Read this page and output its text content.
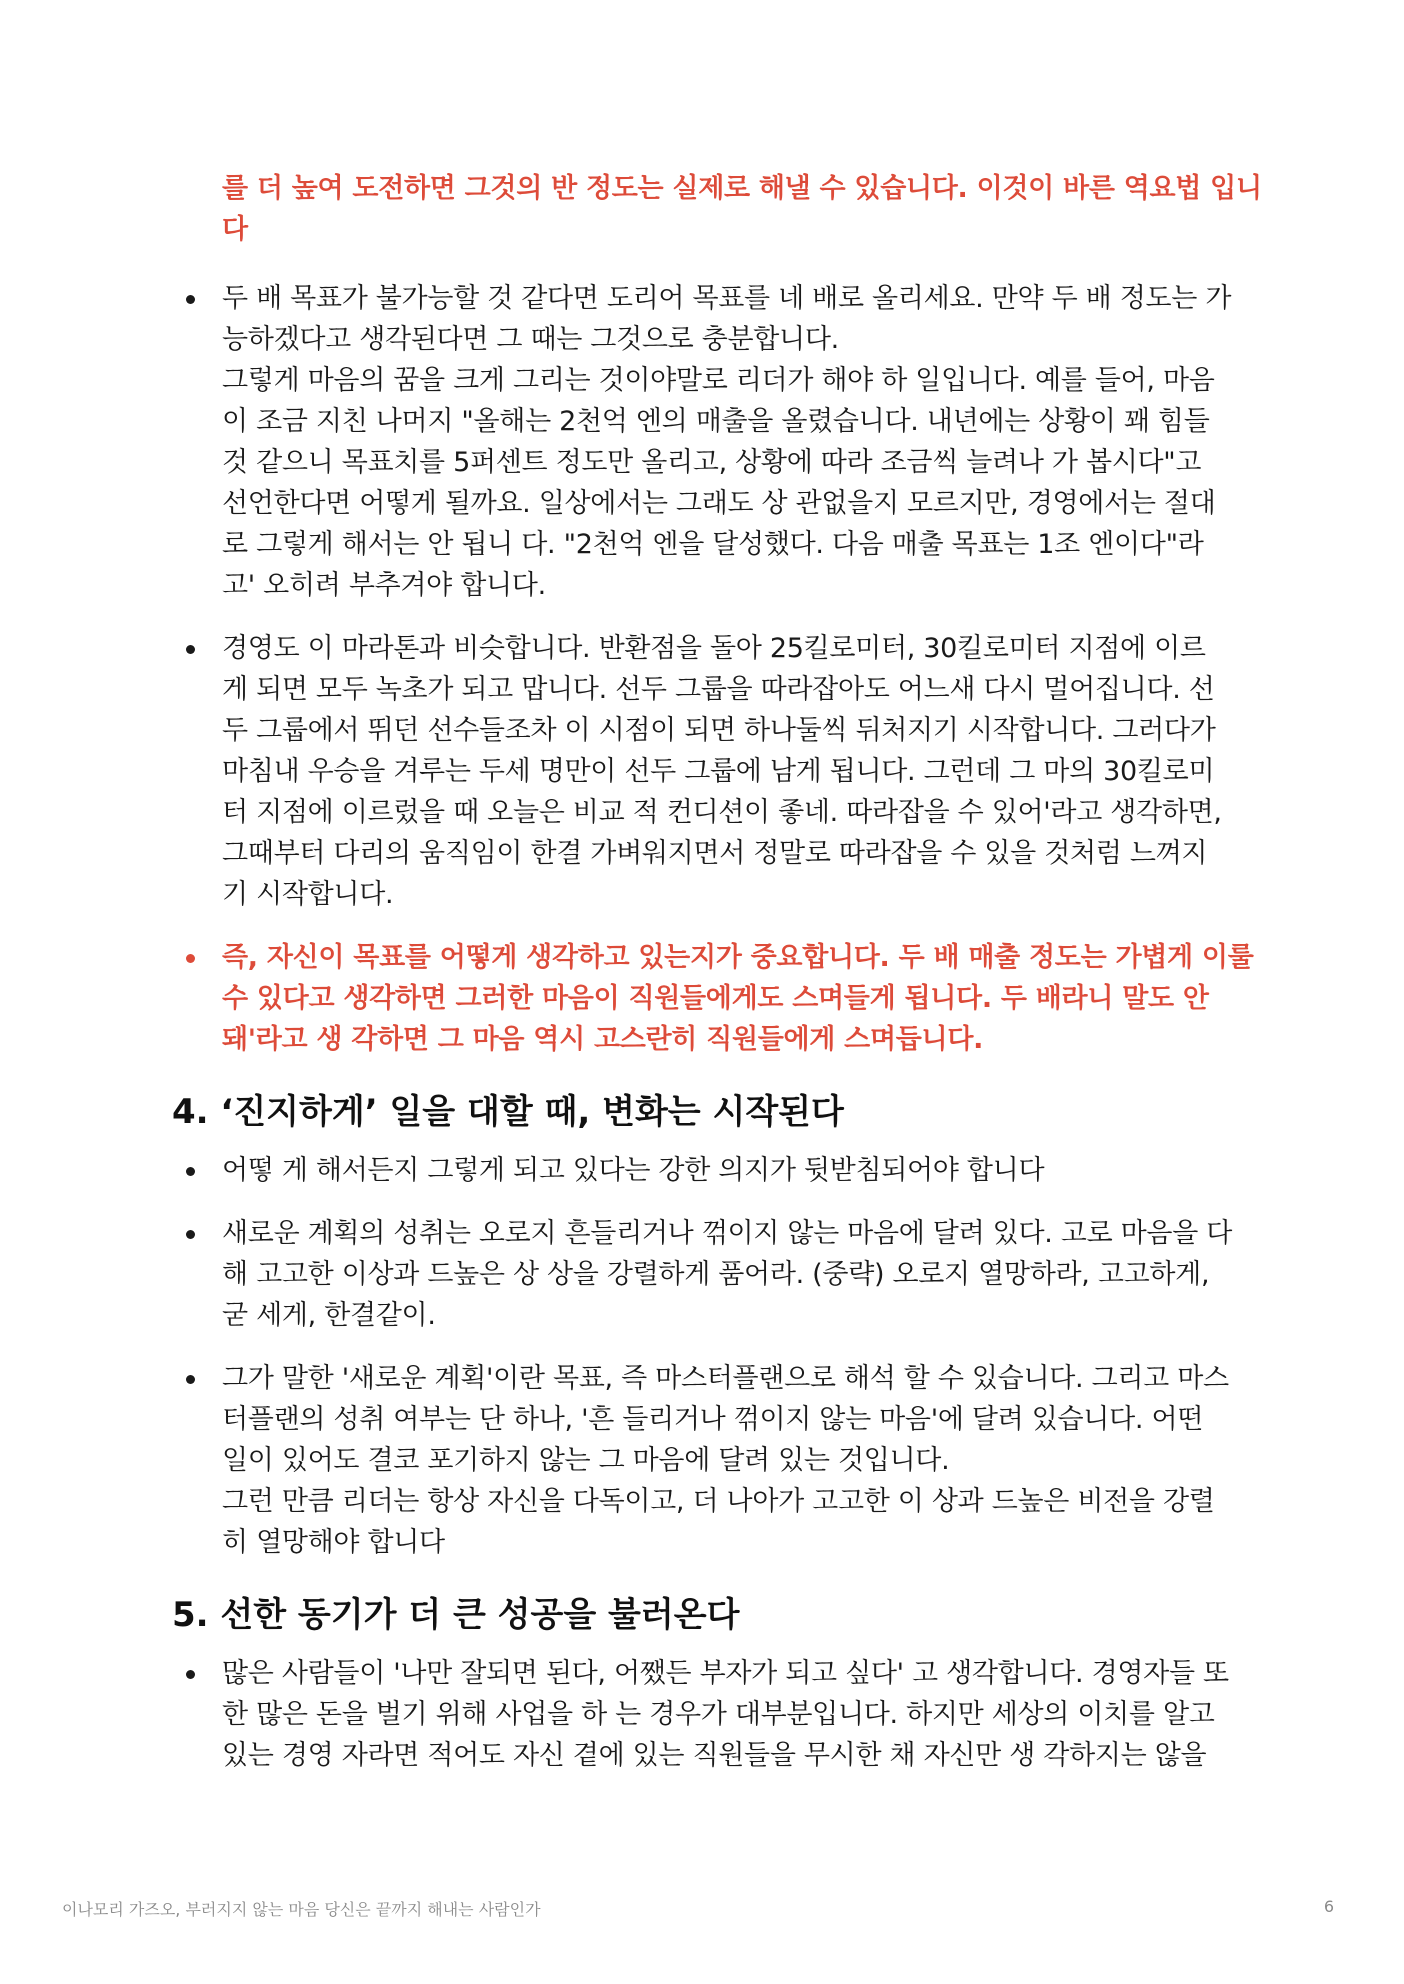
를 더 높여 도전하면 그것의 반 정도는 실제로 해낼 수 있습니다. 이것이 바른 역요법 입니
다
두 배 목표가 불가능할 것 같다면 도리어 목표를 네 배로 올리세요. 만약 두 배 정도는 가
능하겠다고 생각된다면 그 때는 그것으로 충분합니다.
그렇게 마음의 꿈을 크게 그리는 것이야말로 리더가 해야 하 일입니다. 예를 들어, 마음
이 조금 지친 나머지 "올해는 2천억 엔의 매출을 올렸습니다. 내년에는 상황이 꽤 힘들
것 같으니 목표치를 5퍼센트 정도만 올리고, 상황에 따라 조금씩 늘려나 가 봅시다"고
선언한다면 어떻게 될까요. 일상에서는 그래도 상 관없을지 모르지만, 경영에서는 절대
로 그렇게 해서는 안 됩니 다. "2천억 엔을 달성했다. 다음 매출 목표는 1조 엔이다"라
고' 오히려 부추겨야 합니다.
경영도 이 마라톤과 비슷합니다. 반환점을 돌아 25킬로미터, 30킬로미터 지점에 이르
게 되면 모두 녹초가 되고 맙니다. 선두 그룹을 따라잡아도 어느새 다시 멀어집니다. 선
두 그룹에서 뛰던 선수들조차 이 시점이 되면 하나둘씩 뒤처지기 시작합니다. 그러다가
마침내 우승을 겨루는 두세 명만이 선두 그룹에 남게 됩니다. 그런데 그 마의 30킬로미
터 지점에 이르렀을 때 오늘은 비교 적 컨디션이 좋네. 따라잡을 수 있어'라고 생각하면,
그때부터 다리의 움직임이 한결 가벼워지면서 정말로 따라잡을 수 있을 것처럼 느껴지
기 시작합니다.
즉, 자신이 목표를 어떻게 생각하고 있는지가 중요합니다. 두 배 매출 정도는 가볍게 이룰
수 있다고 생각하면 그러한 마음이 직원들에게도 스며들게 됩니다. 두 배라니 말도 안
돼'라고 생 각하면 그 마음 역시 고스란히 직원들에게 스며듭니다.
4. ‘진지하게’ 일을 대할 때, 변화는 시작된다
어떻 게 해서든지 그렇게 되고 있다는 강한 의지가 뒷받침되어야 합니다
새로운 계획의 성취는 오로지 흔들리거나 꺾이지 않는 마음에 달려 있다. 고로 마음을 다
해 고고한 이상과 드높은 상 상을 강렬하게 품어라. (중략) 오로지 열망하라, 고고하게,
굳 세게, 한결같이.
그가 말한 '새로운 계획'이란 목표, 즉 마스터플랜으로 해석 할 수 있습니다. 그리고 마스
터플랜의 성취 여부는 단 하나, '흔 들리거나 꺾이지 않는 마음'에 달려 있습니다. 어떤
일이 있어도 결코 포기하지 않는 그 마음에 달려 있는 것입니다.
그런 만큼 리더는 항상 자신을 다독이고, 더 나아가 고고한 이 상과 드높은 비전을 강렬
히 열망해야 합니다
5. 선한 동기가 더 큰 성공을 불러온다
많은 사람들이 '나만 잘되면 된다, 어쨌든 부자가 되고 싶다' 고 생각합니다. 경영자들 또
한 많은 돈을 벌기 위해 사업을 하 는 경우가 대부분입니다. 하지만 세상의 이치를 알고
있는 경영 자라면 적어도 자신 곁에 있는 직원들을 무시한 채 자신만 생 각하지는 않을
이나모리 가즈오, 부러지지 않는 마음 당신은 끝까지 해내는 사람인가	6
